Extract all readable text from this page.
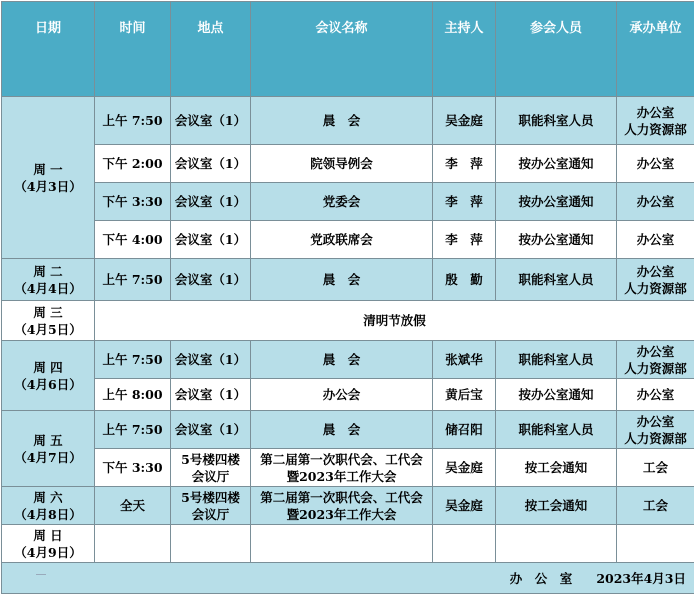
日期	时间	地点	会议名称	主持人	参会人员	承办单位

周 一
（4月3日）	上午 7:50	会议室（1）	晨　会	吴金庭	职能科室人员	办公室
人力资源部

	下午 2:00	会议室（1）	院领导例会	李　萍	按办公室通知	办公室
	下午 3:30	会议室（1）	党委会	李　萍	按办公室通知	办公室
	下午 4:00	会议室（1）	党政联席会	李　萍	按办公室通知	办公室

周 二
（4月4日）	上午 7:50	会议室（1）	晨　会	殷　勤	职能科室人员	办公室
人力资源部

周 三
（4月5日）	清明节放假					

周 四
（4月6日）	上午 7:50	会议室（1）	晨　会	张斌华	职能科室人员	办公室
人力资源部

	上午 8:00	会议室（1）	办公会	黄后宝	按办公室通知	办公室

周 五
（4月7日）	上午 7:50	会议室（1）	晨　会	储召阳	职能科室人员	办公室
人力资源部

	下午 3:30	5号楼四楼
会议厅	第二届第一次职代会、工代会
暨2023年工作大会	吴金庭	按工会通知	工会

周 六
（4月8日）	全天	5号楼四楼
会议厅	第二届第一次职代会、工代会
暨2023年工作大会	吴金庭	按工会通知	工会

周 日
（4月9日）						

办　公　室 2023年4月3日						
